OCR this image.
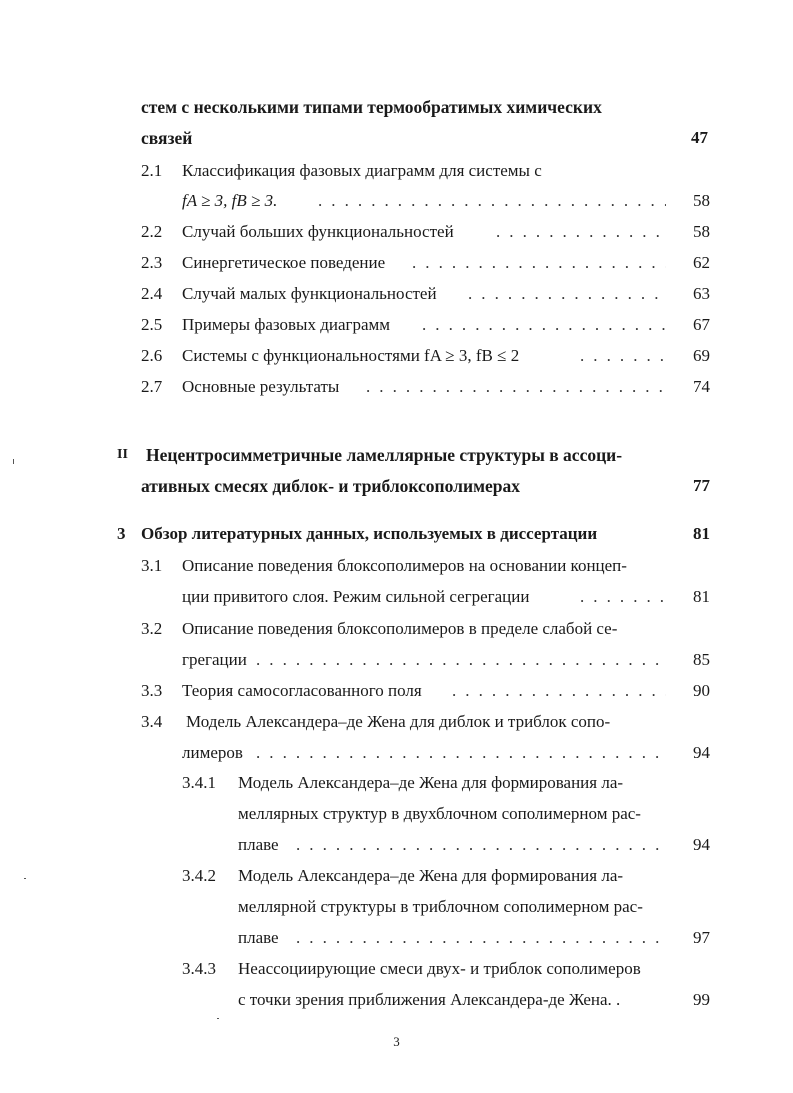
стем с несколькими типами термообратимых химических
связей	47
2.1 Классификация фазовых диаграмм для системы с
fA ≥ 3, fB ≥ 3. . . .	58
2.2 Случай больших функциональностей . . .	58
2.3 Синергетическое поведение . . .	62
2.4 Случай малых функциональностей . . .	63
2.5 Примеры фазовых диаграмм . . .	67
2.6 Системы с функциональностями fA ≥ 3, fB ≤ 2 . . .	69
2.7 Основные результаты . . .	74
II Нецентросимметричные ламеллярные структуры в ассоци-
ативных смесях диблок- и триблоксополимерах	77
3 Обзор литературных данных, используемых в диссертации	81
3.1 Описание поведения блоксополимеров на основании концеп-
ции привитого слоя. Режим сильной сегрегации . . .	81
3.2 Описание поведения блоксополимеров в пределе слабой се-
грегации . . .	85
3.3 Теория самосогласованного поля . . .	90
3.4 Модель Александера–де Жена для диблок и триблок сопо-
лимеров . . .	94
3.4.1 Модель Александера–де Жена для формирования ла-
меллярных структур в двухблочном сополимерном рас-
плаве . . .	94
3.4.2 Модель Александера–де Жена для формирования ла-
меллярной структуры в триблочном сополимерном рас-
плаве . . .	97
3.4.3 Неассоциирующие смеси двух- и триблок сополимеров
с точки зрения приближения Александера-де Жена. .	99
3
